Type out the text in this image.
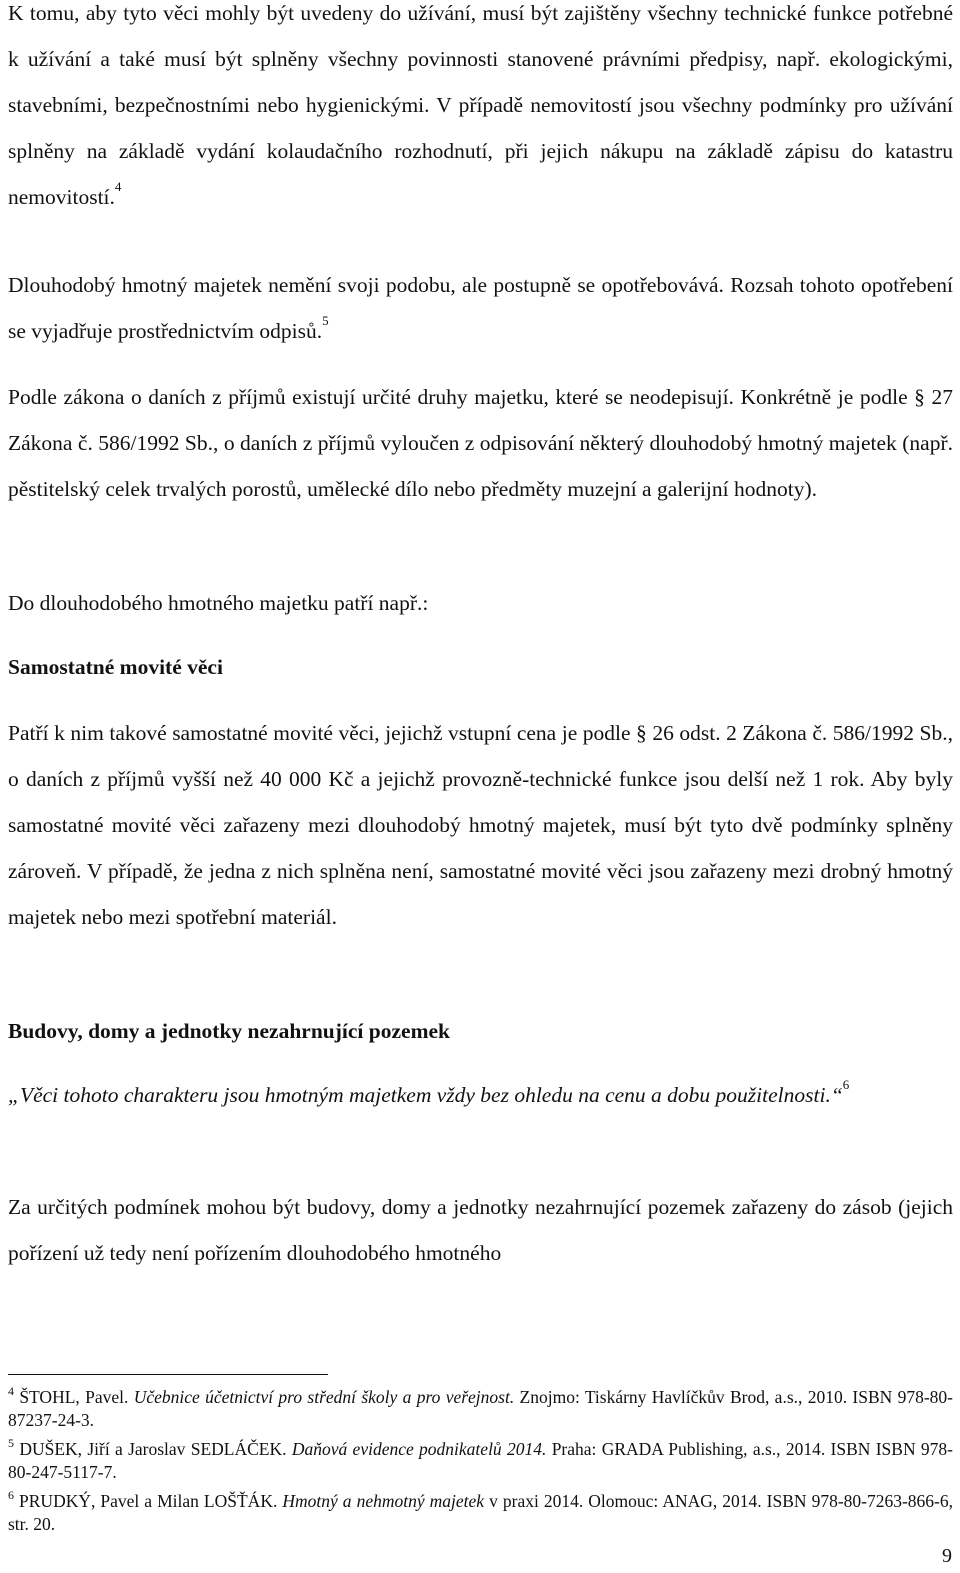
K tomu, aby tyto věci mohly být uvedeny do užívání, musí být zajištěny všechny technické funkce potřebné k užívání a také musí být splněny všechny povinnosti stanovené právními předpisy, např. ekologickými, stavebními, bezpečnostními nebo hygienickými. V případě nemovitostí jsou všechny podmínky pro užívání splněny na základě vydání kolaudačního rozhodnutí, při jejich nákupu na základě zápisu do katastru nemovitostí.$^4$

Dlouhodobý hmotný majetek nemění svoji podobu, ale postupně se opotřebovává. Rozsah tohoto opotřebení se vyjadřuje prostřednictvím odpisů.$^5$

Podle zákona o daních z příjmů existují určité druhy majetku, které se neodepisují. Konkrétně je podle § 27 Zákona č. 586/1992 Sb., o daních z příjmů vyloučen z odpisování některý dlouhodobý hmotný majetek (např. pěstitelský celek trvalých porostů, umělecké dílo nebo předměty muzejní a galerijní hodnoty).

Do dlouhodobého hmotného majetku patří např.:

Samostatné movité věci

Patří k nim takové samostatné movité věci, jejichž vstupní cena je podle § 26 odst. 2 Zákona č. 586/1992 Sb., o daních z příjmů vyšší než 40 000 Kč a jejichž provozně-technické funkce jsou delší než 1 rok. Aby byly samostatné movité věci zařazeny mezi dlouhodobý hmotný majetek, musí být tyto dvě podmínky splněny zároveň. V případě, že jedna z nich splněna není, samostatné movité věci jsou zařazeny mezi drobný hmotný majetek nebo mezi spotřební materiál.

Budovy, domy a jednotky nezahrnující pozemek

„Věci tohoto charakteru jsou hmotným majetkem vždy bez ohledu na cenu a dobu použitelnosti.“$^6$

Za určitých podmínek mohou být budovy, domy a jednotky nezahrnující pozemek zařazeny do zásob (jejich pořízení už tedy není pořízením dlouhodobého hmotného

$^4$ ŠTOHL, Pavel. Učebnice účetnictví pro střední školy a pro veřejnost. Znojmo: Tiskárny Havlíčkův Brod, a.s., 2010. ISBN 978-80-87237-24-3.
$^5$ DUŠEK, Jiří a Jaroslav SEDLÁČEK. Daňová evidence podnikatelů 2014. Praha: GRADA Publishing, a.s., 2014. ISBN ISBN 978-80-247-5117-7.
$^6$ PRUDKÝ, Pavel a Milan LOŠŤÁK. Hmotný a nehmotný majetek v praxi 2014. Olomouc: ANAG, 2014. ISBN 978-80-7263-866-6, str. 20.
9
